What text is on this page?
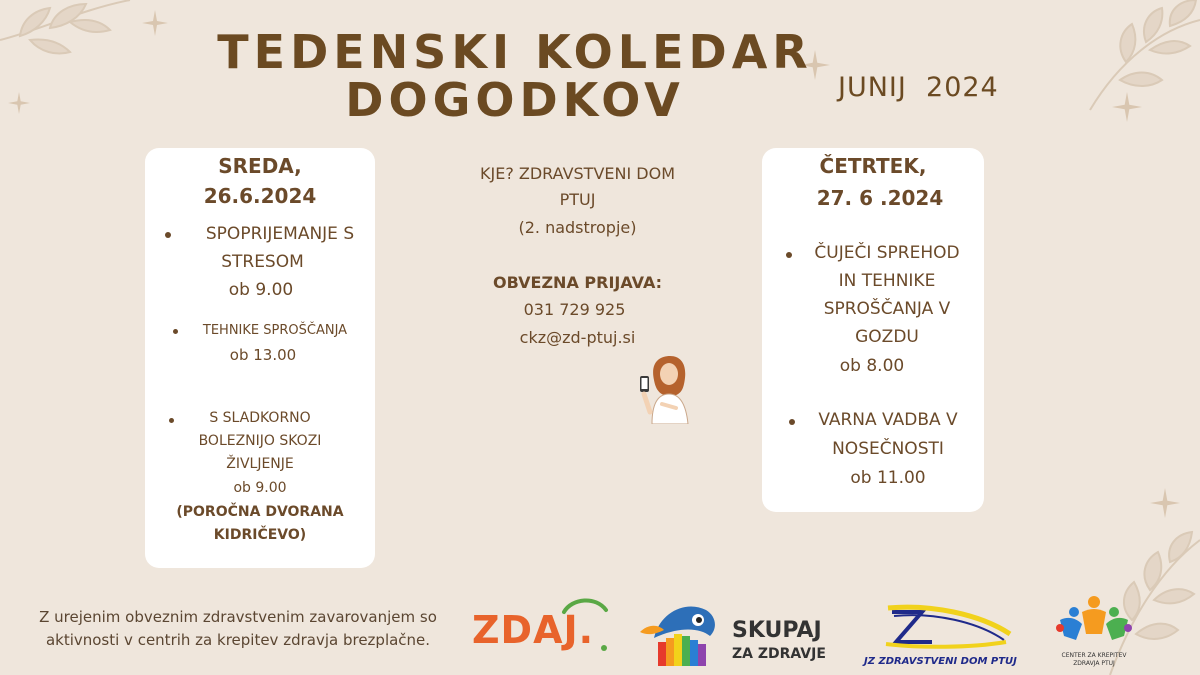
TEDENSKI KOLEDAR
DOGODKOV	JUNIJ  2024
SREDA,
26.6.2024
SPOPRIJEMANJE S
STRESOM
ob 9.00
TEHNIKE SPROŠČANJA
ob 13.00
S SLADKORNO
BOLEZNIJO SKOZI
ŽIVLJENJE
ob 9.00
(POROČNA DVORANA
KIDRIČEVO)
KJE? ZDRAVSTVENI DOM
PTUJ
(2. nadstropje)
OBVEZNA PRIJAVA:
031 729 925
ckz@zd-ptuj.si
ČETRTEK,
27. 6 .2024
ČUJEČI SPREHOD
IN TEHNIKE
SPROŠČANJA V
GOZDU
ob 8.00
VARNA VADBA V
NOSEČNOSTI
ob 11.00
Z urejenim obveznim zdravstvenim zavarovanjem so
aktivnosti v centrih za krepitev zdravja brezplačne.	ZDAJ.	SKUPAJ
ZA ZDRAVJE	JZ ZDRAVSTVENI DOM PTUJ
CENTER ZA KREPITEV
ZDRAVJA PTUJ
